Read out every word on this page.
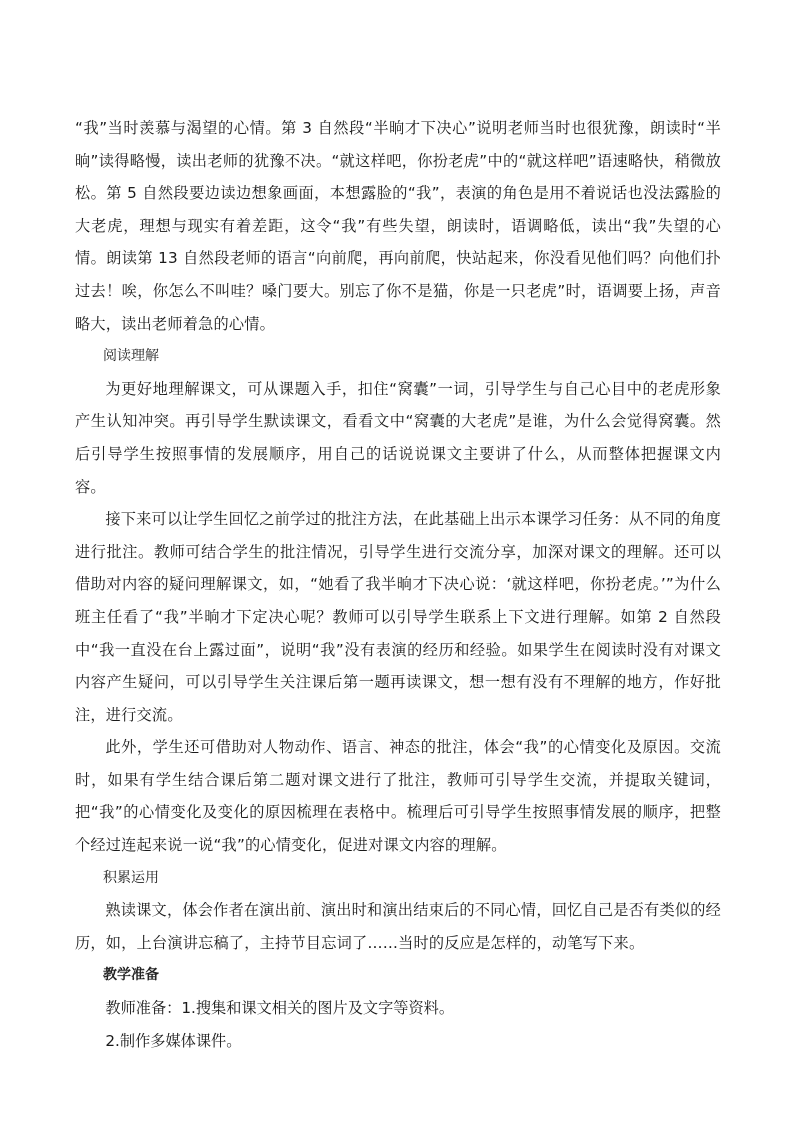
“我”当时羡慕与渴望的心情。第 3 自然段“半晌才下决心”说明老师当时也很犹豫，朗读时“半晌”读得略慢，读出老师的犹豫不决。“就这样吧，你扮老虎”中的“就这样吧”语速略快，稍微放松。第 5 自然段要边读边想象画面，本想露脸的“我”，表演的角色是用不着说话也没法露脸的大老虎，理想与现实有着差距，这令“我”有些失望，朗读时，语调略低，读出“我”失望的心情。朗读第 13 自然段老师的语言“向前爬，再向前爬，快站起来，你没看见他们吗？向他们扑过去！唉，你怎么不叫哇？嗓门要大。别忘了你不是猫，你是一只老虎”时，语调要上扬，声音略大，读出老师着急的心情。

阅读理解

为更好地理解课文，可从课题入手，扣住“窝囊”一词，引导学生与自己心目中的老虎形象产生认知冲突。再引导学生默读课文，看看文中“窝囊的大老虎”是谁，为什么会觉得窝囊。然后引导学生按照事情的发展顺序，用自己的话说说课文主要讲了什么，从而整体把握课文内容。

接下来可以让学生回忆之前学过的批注方法，在此基础上出示本课学习任务：从不同的角度进行批注。教师可结合学生的批注情况，引导学生进行交流分享，加深对课文的理解。还可以借助对内容的疑问理解课文，如，“她看了我半晌才下决心说：‘就这样吧，你扮老虎。’”为什么班主任看了“我”半晌才下定决心呢？教师可以引导学生联系上下文进行理解。如第 2 自然段中“我一直没在台上露过面”，说明“我”没有表演的经历和经验。如果学生在阅读时没有对课文内容产生疑问，可以引导学生关注课后第一题再读课文，想一想有没有不理解的地方，作好批注，进行交流。

此外，学生还可借助对人物动作、语言、神态的批注，体会“我”的心情变化及原因。交流时，如果有学生结合课后第二题对课文进行了批注，教师可引导学生交流，并提取关键词，把“我”的心情变化及变化的原因梳理在表格中。梳理后可引导学生按照事情发展的顺序，把整个经过连起来说一说“我”的心情变化，促进对课文内容的理解。

积累运用

熟读课文，体会作者在演出前、演出时和演出结束后的不同心情，回忆自己是否有类似的经历，如，上台演讲忘稿了，主持节目忘词了……当时的反应是怎样的，动笔写下来。

教学准备

教师准备：1.搜集和课文相关的图片及文字等资料。

2.制作多媒体课件。
